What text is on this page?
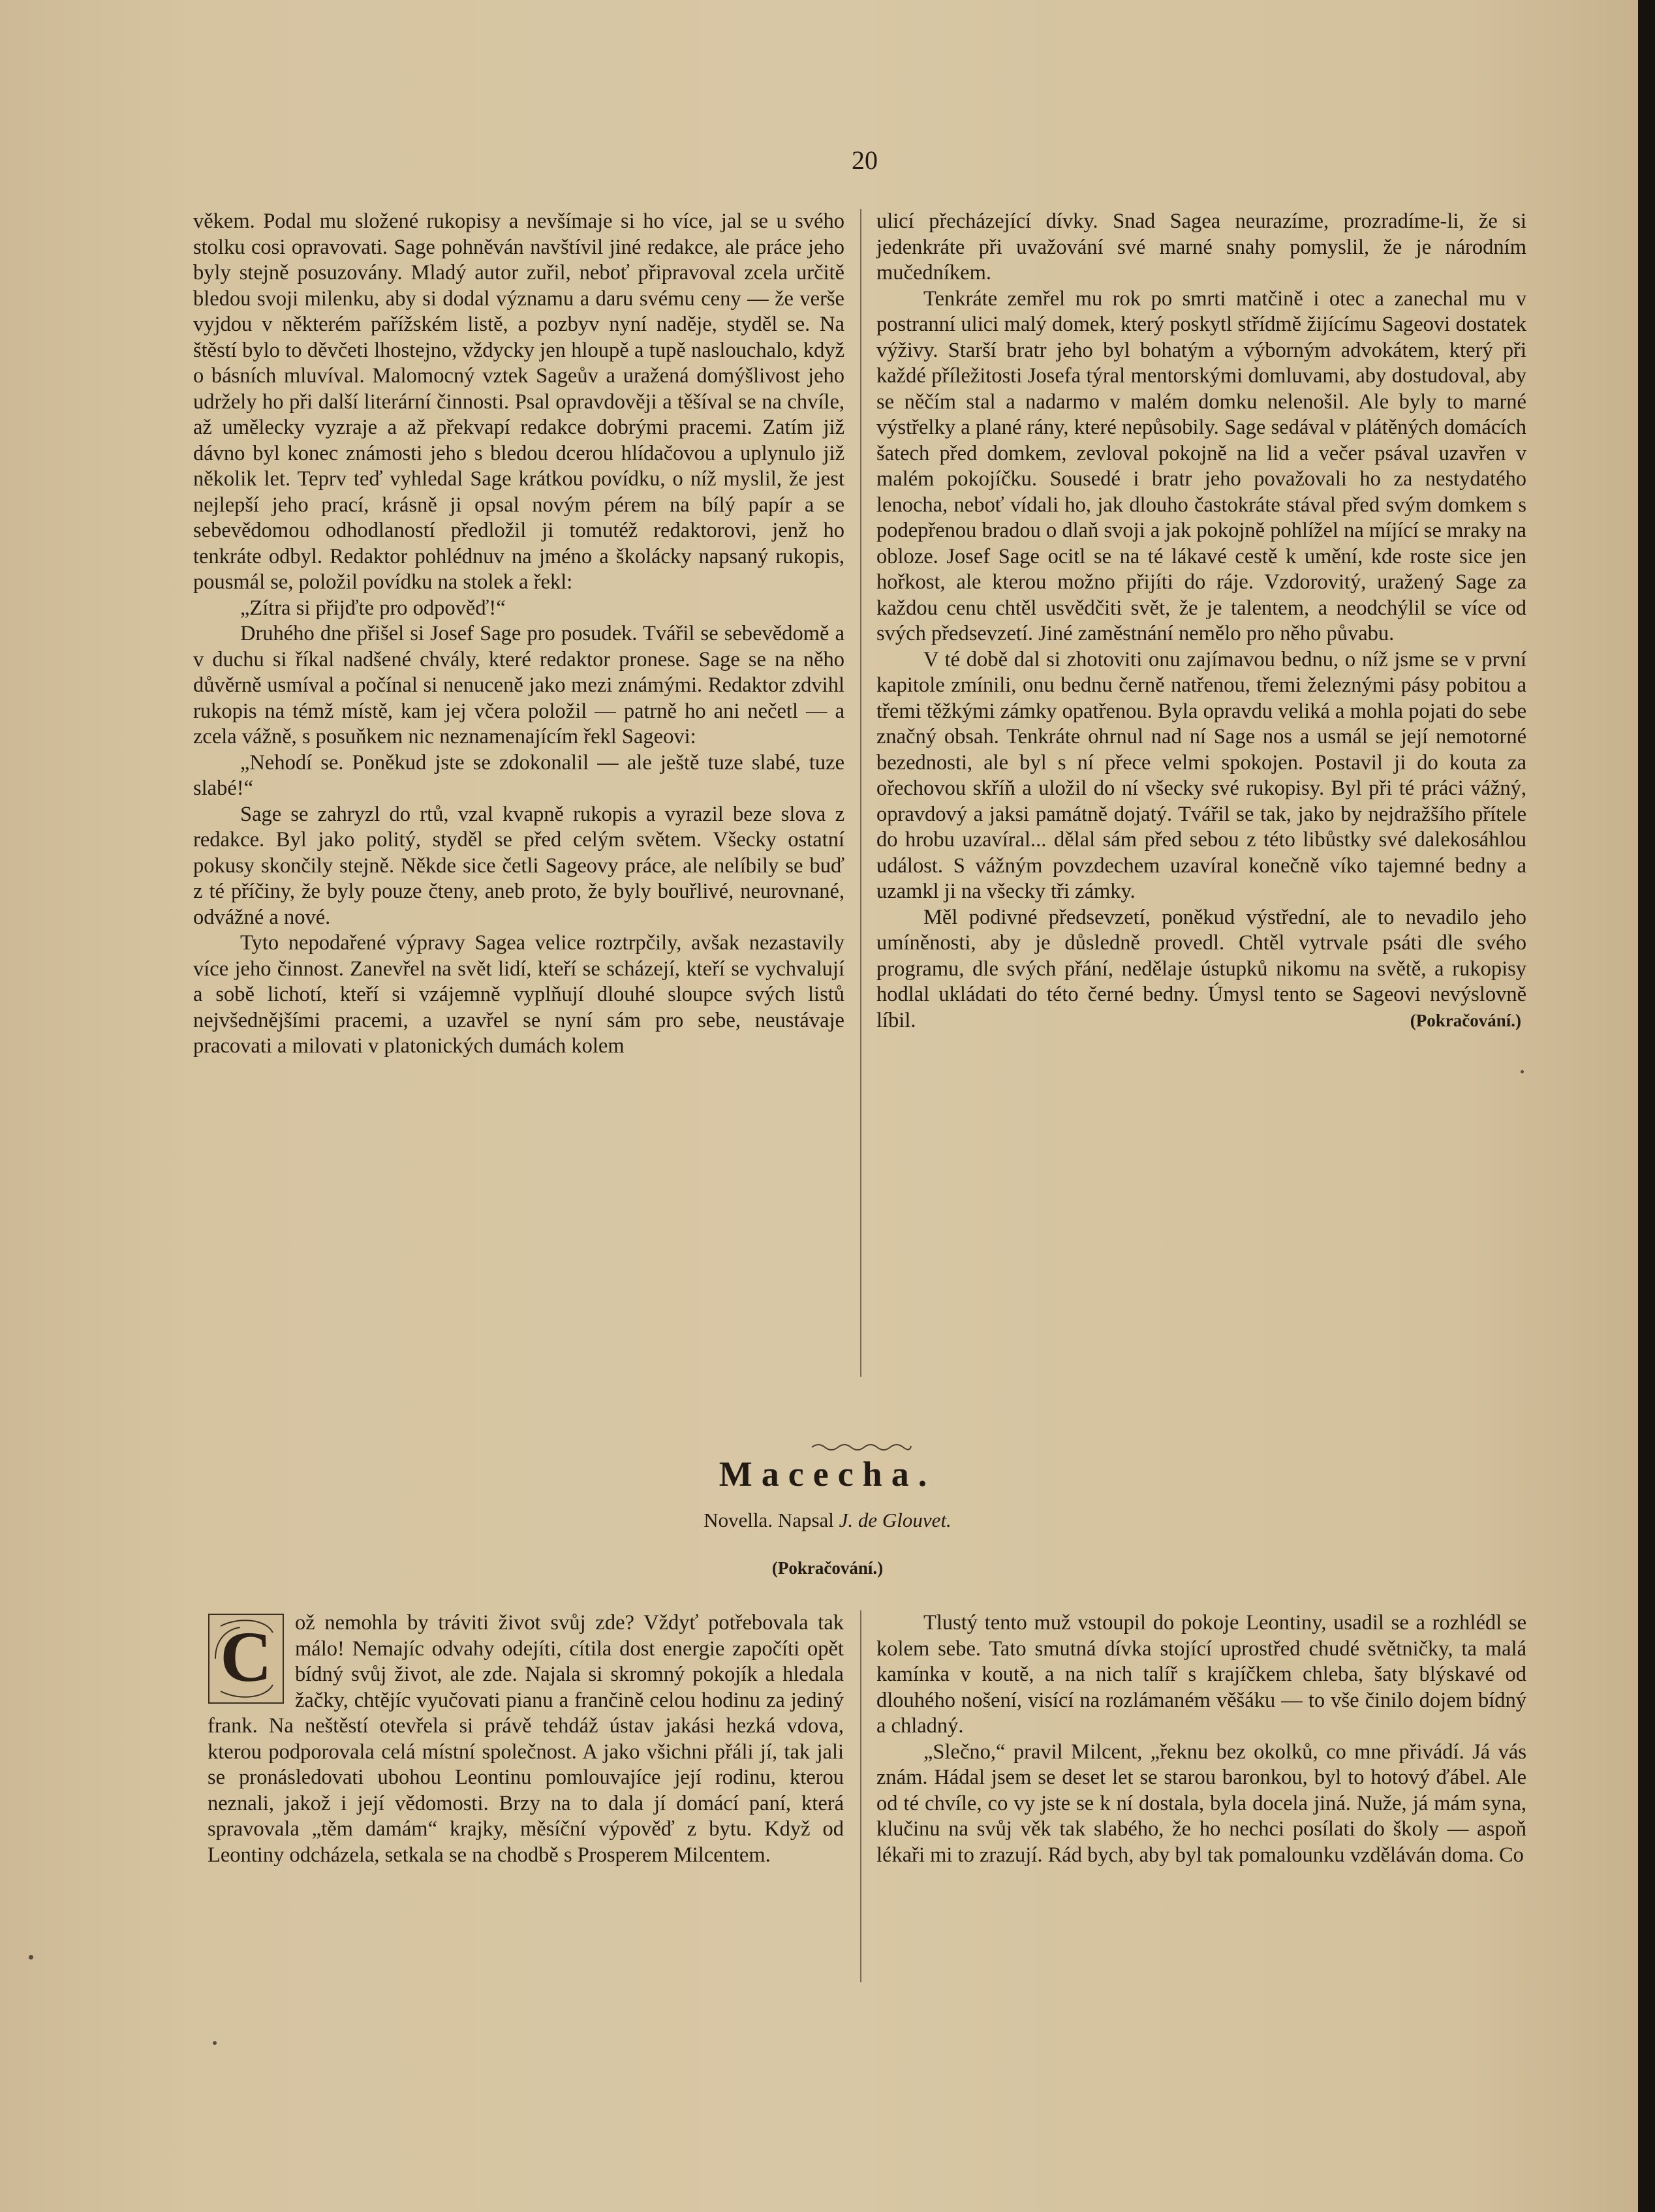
20

věkem. Podal mu složené rukopisy a nevšímaje si ho více, jal se u svého stolku cosi opravovati. Sage pohněván navštívil jiné redakce, ale práce jeho byly stejně posuzovány. Mladý autor zuřil, neboť připravoval zcela určitě bledou svoji milenku, aby si dodal významu a daru svému ceny — že verše vyjdou v některém pařížském listě, a pozbyv nyní naděje, styděl se. Na štěstí bylo to děvčeti lhostejno, vždycky jen hloupě a tupě naslouchalo, když o básních mluvíval. Malomocný vztek Sageův a uražená domýšlivost jeho udržely ho při další literární činnosti. Psal opravdověji a těšíval se na chvíle, až umělecky vyzraje a až překvapí redakce dobrými pracemi. Zatím již dávno byl konec známosti jeho s bledou dcerou hlídačovou a uplynulo již několik let. Teprv teď vyhledal Sage krátkou povídku, o níž myslil, že jest nejlepší jeho prací, krásně ji opsal novým pérem na bílý papír a se sebevědomou odhodlaností předložil ji tomutéž redaktorovi, jenž ho tenkráte odbyl. Redaktor pohlédnuv na jméno a školácky napsaný rukopis, pousmál se, položil povídku na stolek a řekl:

„Zítra si přijďte pro odpověď!“

Druhého dne přišel si Josef Sage pro posudek. Tvářil se sebevědomě a v duchu si říkal nadšené chvály, které redaktor pronese. Sage se na něho důvěrně usmíval a počínal si nenuceně jako mezi známými. Redaktor zdvihl rukopis na témž místě, kam jej včera položil — patrně ho ani nečetl — a zcela vážně, s posuňkem nic neznamenajícím řekl Sageovi:

„Nehodí se. Poněkud jste se zdokonalil — ale ještě tuze slabé, tuze slabé!“

Sage se zahryzl do rtů, vzal kvapně rukopis a vyrazil beze slova z redakce. Byl jako politý, styděl se před celým světem. Všecky ostatní pokusy skončily stejně. Někde sice četli Sageovy práce, ale nelíbily se buď z té příčiny, že byly pouze čteny, aneb proto, že byly bouřlivé, neurovnané, odvážné a nové.

Tyto nepodařené výpravy Sagea velice roztrpčily, avšak nezastavily více jeho činnost. Zanevřel na svět lidí, kteří se scházejí, kteří se vychvalují a sobě lichotí, kteří si vzájemně vyplňují dlouhé sloupce svých listů nejvšednějšími pracemi, a uzavřel se nyní sám pro sebe, neustávaje pracovati a milovati v platonických dumách kolem

ulicí přecházející dívky. Snad Sagea neurazíme, prozradíme-li, že si jedenkráte při uvažování své marné snahy pomyslil, že je národním mučedníkem.

Tenkráte zemřel mu rok po smrti matčině i otec a zanechal mu v postranní ulici malý domek, který poskytl střídmě žijícímu Sageovi dostatek výživy. Starší bratr jeho byl bohatým a výborným advokátem, který při každé příležitosti Josefa týral mentorskými domluvami, aby dostudoval, aby se něčím stal a nadarmo v malém domku nelenošil. Ale byly to marné výstřelky a plané rány, které nepůsobily. Sage sedával v plátěných domácích šatech před domkem, zevloval pokojně na lid a večer psával uzavřen v malém pokojíčku. Sousedé i bratr jeho považovali ho za nestydatého lenocha, neboť vídali ho, jak dlouho častokráte stával před svým domkem s podepřenou bradou o dlaň svoji a jak pokojně pohlížel na míjící se mraky na obloze. Josef Sage ocitl se na té lákavé cestě k umění, kde roste sice jen hořkost, ale kterou možno přijíti do ráje. Vzdorovitý, uražený Sage za každou cenu chtěl usvědčiti svět, že je talentem, a neodchýlil se více od svých předsevzetí. Jiné zaměstnání nemělo pro něho půvabu.

V té době dal si zhotoviti onu zajímavou bednu, o níž jsme se v první kapitole zmínili, onu bednu černě natřenou, třemi železnými pásy pobitou a třemi těžkými zámky opatřenou. Byla opravdu veliká a mohla pojati do sebe značný obsah. Tenkráte ohrnul nad ní Sage nos a usmál se její nemotorné bezednosti, ale byl s ní přece velmi spokojen. Postavil ji do kouta za ořechovou skříň a uložil do ní všecky své rukopisy. Byl při té práci vážný, opravdový a jaksi památně dojatý. Tvářil se tak, jako by nejdražšího přítele do hrobu uzavíral... dělal sám před sebou z této libůstky své dalekosáhlou událost. S vážným povzdechem uzavíral konečně víko tajemné bedny a uzamkl ji na všecky tři zámky.

Měl podivné předsevzetí, poněkud výstřední, ale to nevadilo jeho umíněnosti, aby je důsledně provedl. Chtěl vytrvale psáti dle svého programu, dle svých přání, nedělaje ústupků nikomu na světě, a rukopisy hodlal ukládati do této černé bedny. Úmysl tento se Sageovi nevýslovně líbil.	(Pokračování.)

Macecha.
Novella. Napsal J. de Glouvet.
(Pokračování.)
C	ož nemohla by tráviti život svůj zde? Vždyť potřebovala tak málo! Nemajíc odvahy odejíti, cítila dost energie započíti opět bídný svůj život, ale zde. Najala si skromný pokojík a hledala žačky, chtějíc vyučovati pianu a frančině celou hodinu za jediný frank. Na neštěstí otevřela si právě tehdáž ústav jakási hezká vdova, kterou podporovala celá místní společnost. A jako všichni přáli jí, tak jali se pronásledovati ubohou Leontinu pomlouvajíce její rodinu, kterou neznali, jakož i její vědomosti. Brzy na to dala jí domácí paní, která spravovala „těm damám“ krajky, měsíční výpověď z bytu. Když od Leontiny odcházela, setkala se na chodbě s Prosperem Milcentem.

Tlustý tento muž vstoupil do pokoje Leontiny, usadil se a rozhlédl se kolem sebe. Tato smutná dívka stojící uprostřed chudé světničky, ta malá kamínka v koutě, a na nich talíř s krajíčkem chleba, šaty blýskavé od dlouhého nošení, visící na rozlámaném věšáku — to vše činilo dojem bídný a chladný.

„Slečno,“ pravil Milcent, „řeknu bez okolků, co mne přivádí. Já vás znám. Hádal jsem se deset let se starou baronkou, byl to hotový ďábel. Ale od té chvíle, co vy jste se k ní dostala, byla docela jiná. Nuže, já mám syna, klučinu na svůj věk tak slabého, že ho nechci posílati do školy — aspoň lékaři mi to zrazují. Rád bych, aby byl tak pomalounku vzděláván doma. Co
